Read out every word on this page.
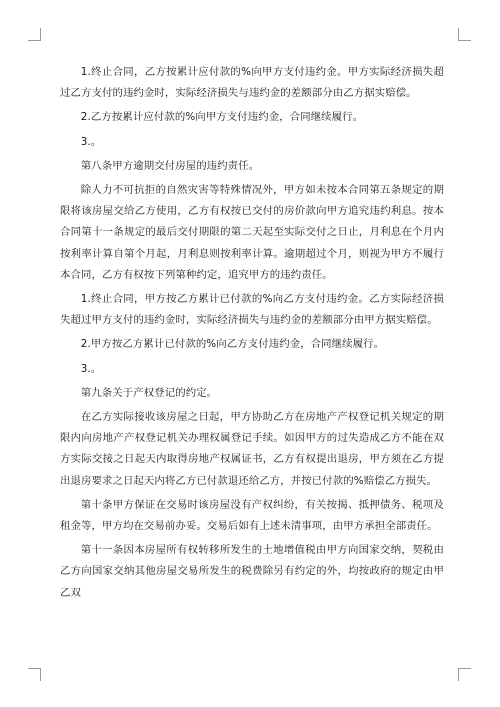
1.终止合同，乙方按累计应付款的%向甲方支付违约金。甲方实际经济损失超过乙方支付的违约金时，实际经济损失与违约金的差额部分由乙方据实赔偿。

2.乙方按累计应付款的%向甲方支付违约金，合同继续履行。

3.。

第八条甲方逾期交付房屋的违约责任。

除人力不可抗拒的自然灾害等特殊情况外，甲方如未按本合同第五条规定的期限将该房屋交给乙方使用，乙方有权按已交付的房价款向甲方追究违约利息。按本合同第十一条规定的最后交付期限的第二天起至实际交付之日止，月利息在个月内按利率计算自第个月起，月利息则按利率计算。逾期超过个月，则视为甲方不履行本合同，乙方有权按下列第种约定，追究甲方的违约责任。

1.终止合同，甲方按乙方累计已付款的%向乙方支付违约金。乙方实际经济损失超过甲方支付的违约金时，实际经济损失与违约金的差额部分由甲方据实赔偿。

2.甲方按乙方累计已付款的%向乙方支付违约金，合同继续履行。

3.。

第九条关于产权登记的约定。

在乙方实际接收该房屋之日起，甲方协助乙方在房地产产权登记机关规定的期限内向房地产产权登记机关办理权属登记手续。如因甲方的过失造成乙方不能在双方实际交接之日起天内取得房地产权属证书，乙方有权提出退房，甲方须在乙方提出退房要求之日起天内将乙方已付款退还给乙方，并按已付款的%赔偿乙方损失。

第十条甲方保证在交易时该房屋没有产权纠纷，有关按揭、抵押债务、税项及租金等，甲方均在交易前办妥。交易后如有上述未清事项，由甲方承担全部责任。

第十一条因本房屋所有权转移所发生的土地增值税由甲方向国家交纳，契税由乙方向国家交纳其他房屋交易所发生的税费除另有约定的外，均按政府的规定由甲乙双
